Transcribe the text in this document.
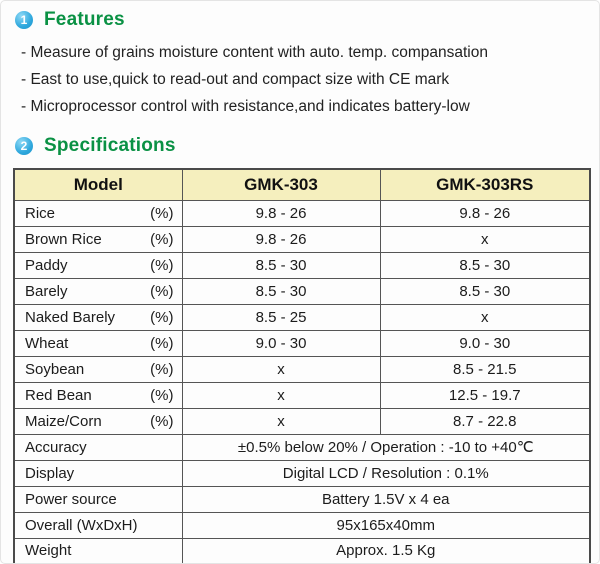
1 Features
- Measure of grains moisture content with auto. temp. compansation
- East to use,quick to read-out and compact size with CE mark
- Microprocessor control with resistance,and indicates battery-low
2 Specifications
Model	GMK-303	GMK-303RS

Rice (%)	9.8 - 26	9.8 - 26

Brown Rice (%)	9.8 - 26	x

Paddy (%)	8.5 - 30	8.5 - 30

Barely (%)	8.5 - 30	8.5 - 30

Naked Barely (%)	8.5 - 25	x

Wheat (%)	9.0 - 30	9.0 - 30

Soybean (%)	x	8.5 - 21.5

Red Bean (%)	x	12.5 - 19.7

Maize/Corn (%)	x	8.7 - 22.8

Accuracy	±0.5% below 20% / Operation : -10 to +40℃	

Display	Digital LCD / Resolution : 0.1%	

Power source	Battery 1.5V x 4 ea	

Overall (WxDxH)	95x165x40mm	

Weight	Approx. 1.5 Kg	
